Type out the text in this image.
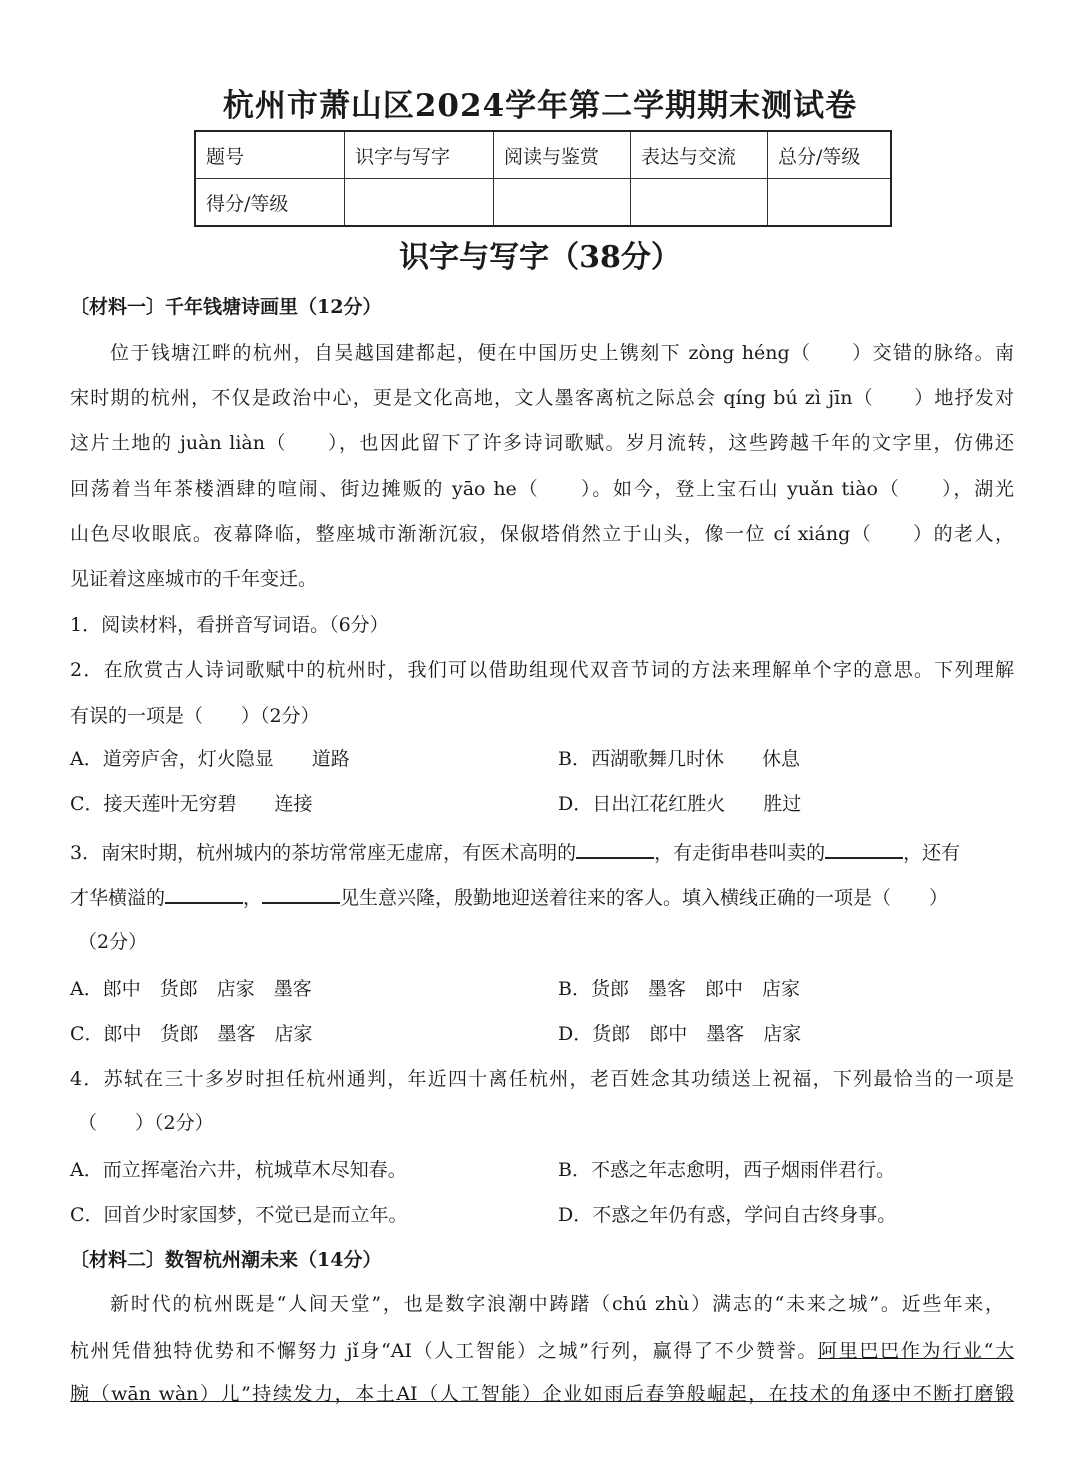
杭州市萧山区2024学年第二学期期末测试卷
题号	识字与写字	阅读与鉴赏	表达与交流	总分/等级
得分/等级				
识字与写字（38分）
〔材料一〕千年钱塘诗画里（12分）
位于钱塘江畔的杭州，自吴越国建都起，便在中国历史上镌刻下 zòng héng（　　）交错的脉络。南
宋时期的杭州，不仅是政治中心，更是文化高地，文人墨客离杭之际总会 qíng bú zì jīn（　　）地抒发对
这片土地的 juàn liàn（　　），也因此留下了许多诗词歌赋。岁月流转，这些跨越千年的文字里，仿佛还
回荡着当年茶楼酒肆的喧闹、街边摊贩的 yāo he（　　）。如今，登上宝石山 yuǎn tiào（　　），湖光
山色尽收眼底。夜幕降临，整座城市渐渐沉寂，保俶塔俏然立于山头，像一位 cí xiáng（　　）的老人，
见证着这座城市的千年变迁。
1．阅读材料，看拼音写词语。（6分）
2．在欣赏古人诗词歌赋中的杭州时，我们可以借助组现代双音节词的方法来理解单个字的意思。下列理解
有误的一项是（　　）（2分）
A．道旁庐舍，灯火隐显　　道路	B．西湖歌舞几时休　　休息
C．接天莲叶无穷碧　　连接	D．日出江花红胜火　　胜过
3．南宋时期，杭州城内的茶坊常常座无虚席，有医术高明的	，有走街串巷叫卖的	，还有
才华横溢的	，	见生意兴隆，殷勤地迎送着往来的客人。填入横线正确的一项是（　　）
（2分）
A．郎中　货郎　店家　墨客	B．货郎　墨客　郎中　店家
C．郎中　货郎　墨客　店家	D．货郎　郎中　墨客　店家
4．苏轼在三十多岁时担任杭州通判，年近四十离任杭州，老百姓念其功绩送上祝福，下列最恰当的一项是
（　　）（2分）
A．而立挥毫治六井，杭城草木尽知春。	B．不惑之年志愈明，西子烟雨伴君行。
C．回首少时家国梦，不觉已是而立年。	D．不惑之年仍有惑，学问自古终身事。
〔材料二〕数智杭州潮未来（14分）
新时代的杭州既是“人间天堂”，也是数字浪潮中踌躇（chú zhù）满志的“未来之城”。近些年来，
杭州凭借独特优势和不懈努力 jǐ身“AI（人工智能）之城”行列，赢得了不少赞誉。阿里巴巴作为行业“大
腕（wān wàn）儿”持续发力，本土AI（人工智能）企业如雨后春笋般崛起，在技术的角逐中不断打磨锻
